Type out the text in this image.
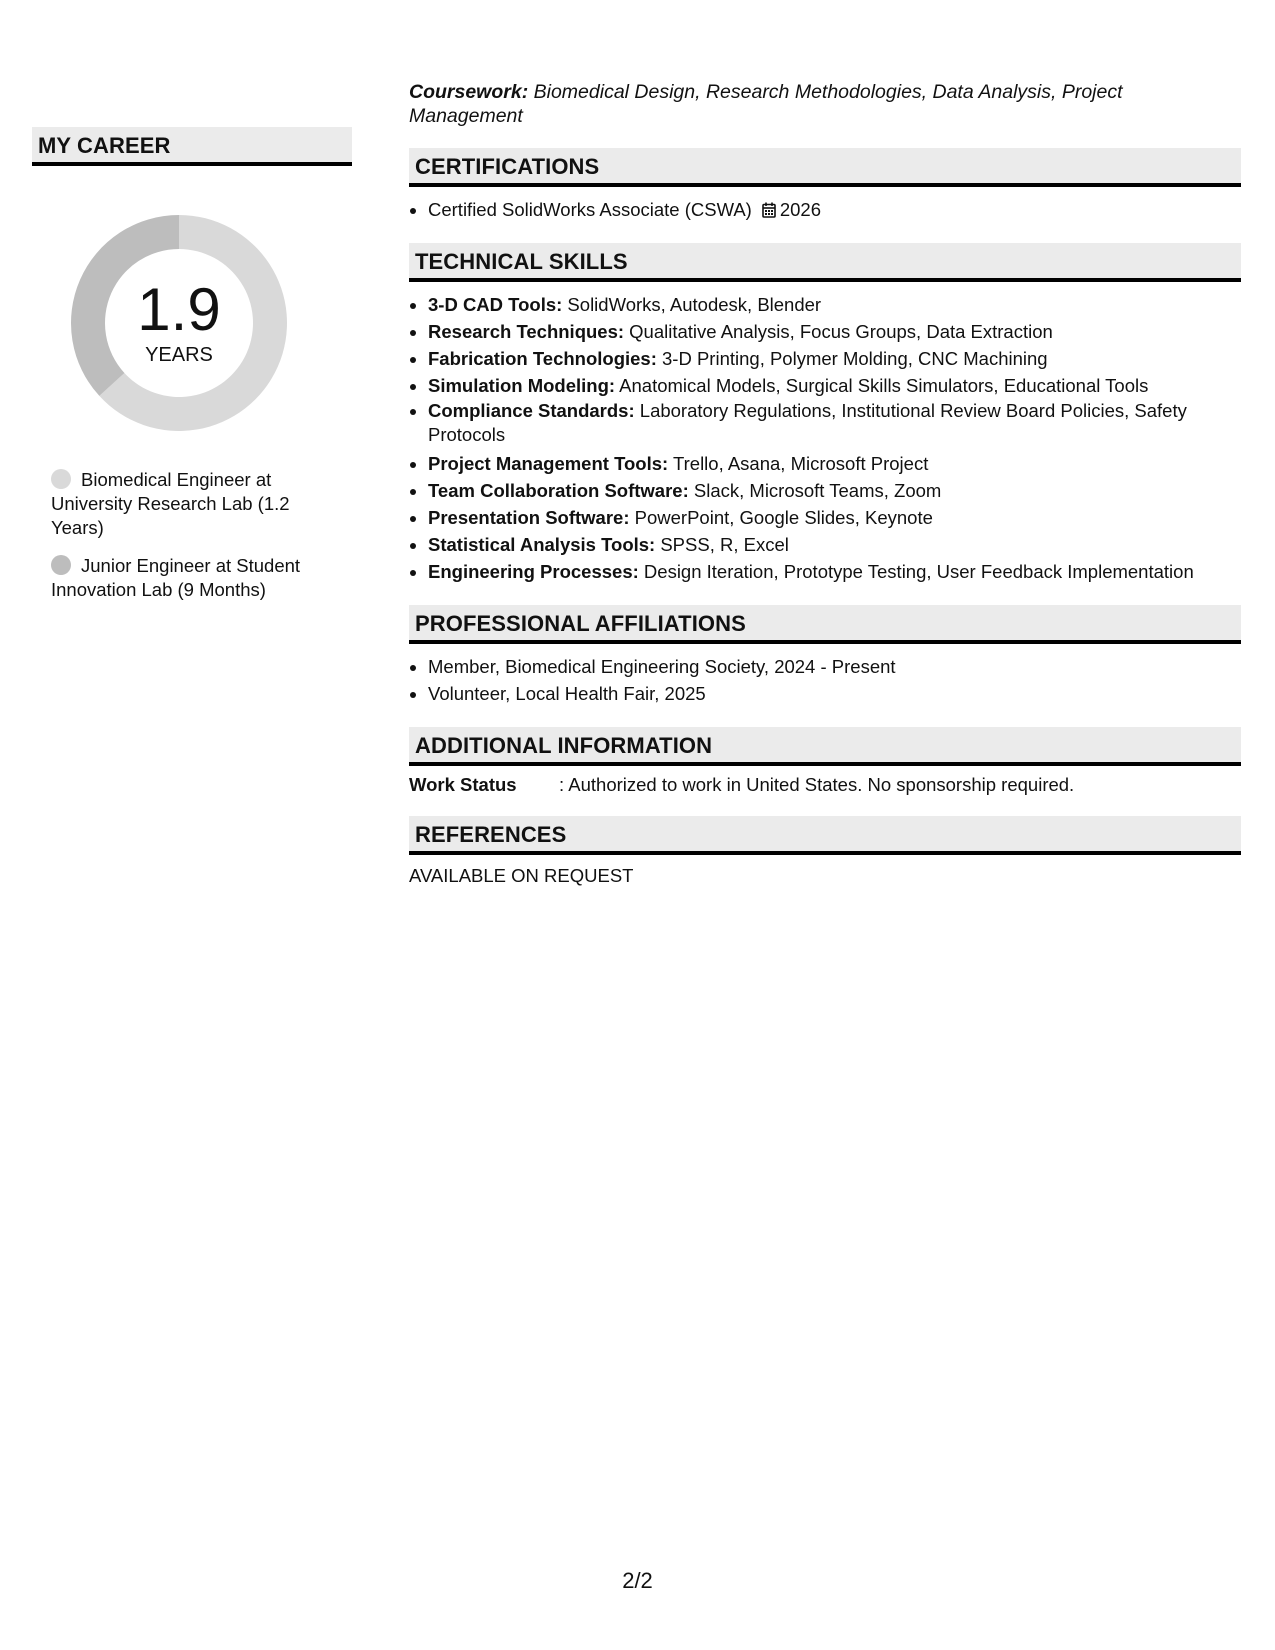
MY CAREER
1.9
YEARS
Biomedical Engineer at University Research Lab (1.2 Years)
Junior Engineer at Student Innovation Lab (9 Months)
Coursework: Biomedical Design, Research Methodologies, Data Analysis, Project Management
CERTIFICATIONS
• Certified SolidWorks Associate (CSWA) 2026
TECHNICAL SKILLS
• 3-D CAD Tools: SolidWorks, Autodesk, Blender
• Research Techniques: Qualitative Analysis, Focus Groups, Data Extraction
• Fabrication Technologies: 3-D Printing, Polymer Molding, CNC Machining
• Simulation Modeling: Anatomical Models, Surgical Skills Simulators, Educational Tools
• Compliance Standards: Laboratory Regulations, Institutional Review Board Policies, Safety Protocols
• Project Management Tools: Trello, Asana, Microsoft Project
• Team Collaboration Software: Slack, Microsoft Teams, Zoom
• Presentation Software: PowerPoint, Google Slides, Keynote
• Statistical Analysis Tools: SPSS, R, Excel
• Engineering Processes: Design Iteration, Prototype Testing, User Feedback Implementation
PROFESSIONAL AFFILIATIONS
• Member, Biomedical Engineering Society, 2024 - Present
• Volunteer, Local Health Fair, 2025
ADDITIONAL INFORMATION
Work Status : Authorized to work in United States. No sponsorship required.
REFERENCES
AVAILABLE ON REQUEST
2/2
